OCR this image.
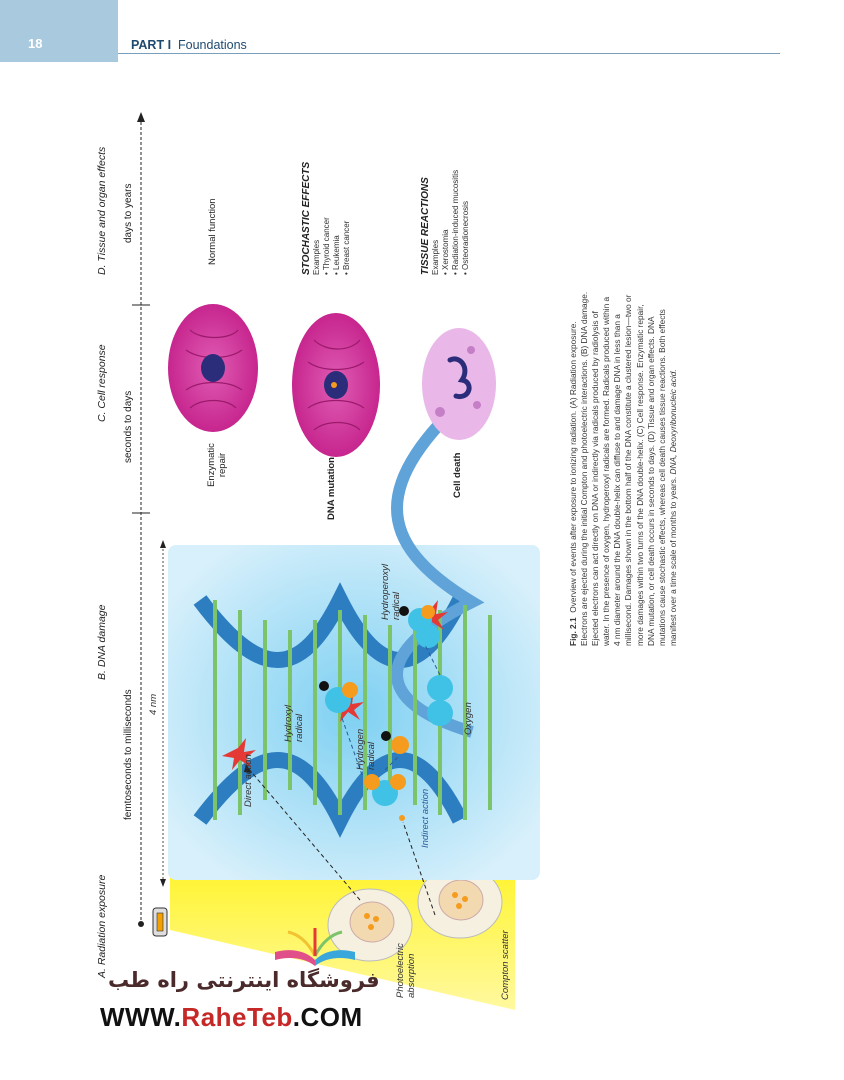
18	PART I Foundations
A. Radiation exposure
B. DNA damage
C. Cell response
D. Tissue and organ effects
femtoseconds to milliseconds
seconds to days
days to years
4 nm
Photoelectric absorption	Compton scatter
Direct action
Indirect action
Hydroxyl radical
Hydrogen radical
Hydroperoxyl radical
Oxygen
Enzymatic repair	DNA mutation	Cell death
Normal function	STOCHASTIC EFFECTS Examples • Thyroid cancer • Leukemia • Breast cancer	TISSUE REACTIONS Examples • Xerostomia • Radiation-induced mucositis • Osteoradionecrosis
Fig. 2.1  Overview of events after exposure to ionizing radiation. (A) Radiation exposure. Electrons are ejected during the initial Compton and photoelectric interactions. (B) DNA damage. Ejected electrons can act directly on DNA or indirectly via radicals produced by radiolysis of water. In the presence of oxygen, hydroperoxyl radicals are formed. Radicals produced within a 4 nm diameter around the DNA double-helix can diffuse to and damage DNA in less than a millisecond. Damages shown in the bottom half of the DNA constitute a clustered lesion—two or more damages within two turns of the DNA double-helix. (C) Cell response. Enzymatic repair, DNA mutation, or cell death occurs in seconds to days. (D) Tissue and organ effects. DNA mutations cause stochastic effects, whereas cell death causes tissue reactions. Both effects manifest over a time scale of months to years. DNA, Deoxyribonucleic acid.
فروشگاه اینترنتی راه طب
WWW.RaheTeb.COM
